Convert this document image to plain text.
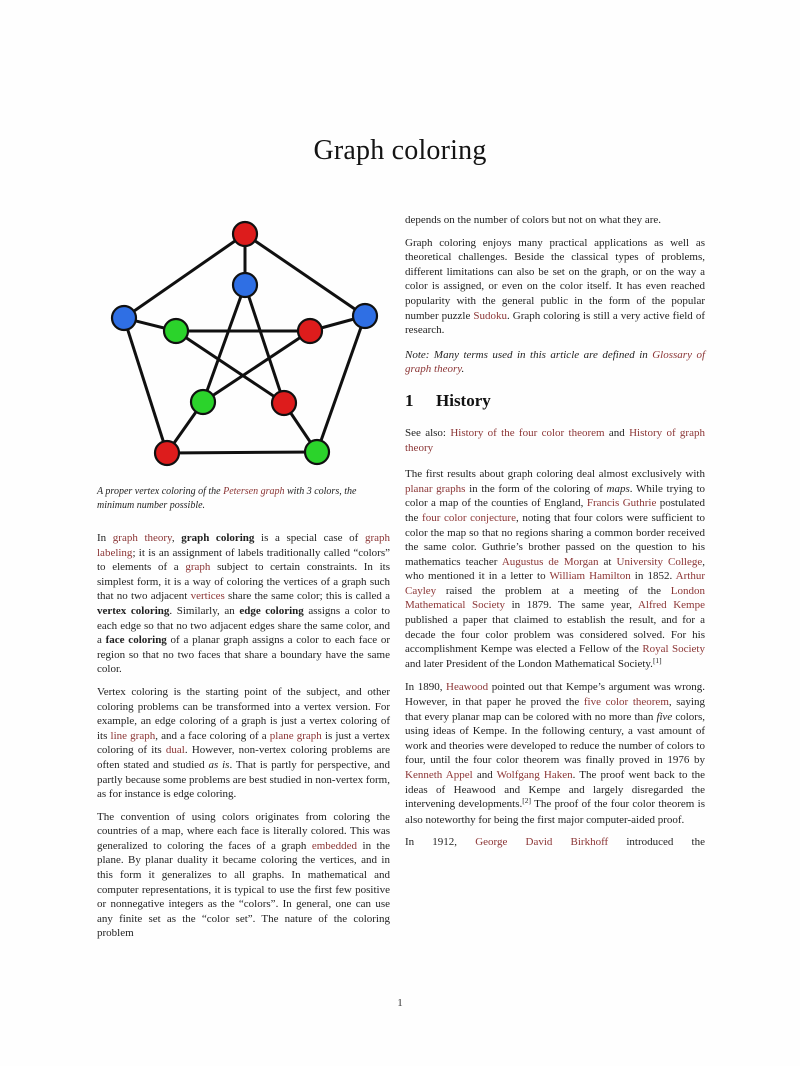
Graph coloring
A proper vertex coloring of the Petersen graph with 3 colors, the minimum number possible.

In graph theory, graph coloring is a special case of graph labeling; it is an assignment of labels traditionally called “colors” to elements of a graph subject to certain constraints. In its simplest form, it is a way of coloring the vertices of a graph such that no two adjacent vertices share the same color; this is called a vertex coloring. Similarly, an edge coloring assigns a color to each edge so that no two adjacent edges share the same color, and a face coloring of a planar graph assigns a color to each face or region so that no two faces that share a boundary have the same color.

Vertex coloring is the starting point of the subject, and other coloring problems can be transformed into a vertex version. For example, an edge coloring of a graph is just a vertex coloring of its line graph, and a face coloring of a plane graph is just a vertex coloring of its dual. However, non-vertex coloring problems are often stated and studied as is. That is partly for perspective, and partly because some problems are best studied in non-vertex form, as for instance is edge coloring.

The convention of using colors originates from coloring the countries of a map, where each face is literally colored. This was generalized to coloring the faces of a graph embedded in the plane. By planar duality it became coloring the vertices, and in this form it generalizes to all graphs. In mathematical and computer representations, it is typical to use the first few positive or nonnegative integers as the “colors”. In general, one can use any finite set as the “color set”. The nature of the coloring problem

depends on the number of colors but not on what they are.

Graph coloring enjoys many practical applications as well as theoretical challenges. Beside the classical types of problems, different limitations can also be set on the graph, or on the way a color is assigned, or even on the color itself. It has even reached popularity with the general public in the form of the popular number puzzle Sudoku. Graph coloring is still a very active field of research.

Note: Many terms used in this article are defined in Glossary of graph theory.

1 History

See also: History of the four color theorem and History of graph theory

The first results about graph coloring deal almost exclusively with planar graphs in the form of the coloring of maps. While trying to color a map of the counties of England, Francis Guthrie postulated the four color conjecture, noting that four colors were sufficient to color the map so that no regions sharing a common border received the same color. Guthrie’s brother passed on the question to his mathematics teacher Augustus de Morgan at University College, who mentioned it in a letter to William Hamilton in 1852. Arthur Cayley raised the problem at a meeting of the London Mathematical Society in 1879. The same year, Alfred Kempe published a paper that claimed to establish the result, and for a decade the four color problem was considered solved. For his accomplishment Kempe was elected a Fellow of the Royal Society and later President of the London Mathematical Society.[1]

In 1890, Heawood pointed out that Kempe’s argument was wrong. However, in that paper he proved the five color theorem, saying that every planar map can be colored with no more than five colors, using ideas of Kempe. In the following century, a vast amount of work and theories were developed to reduce the number of colors to four, until the four color theorem was finally proved in 1976 by Kenneth Appel and Wolfgang Haken. The proof went back to the ideas of Heawood and Kempe and largely disregarded the intervening developments.[2] The proof of the four color theorem is also noteworthy for being the first major computer-aided proof.

In 1912, George David Birkhoff introduced the

1
